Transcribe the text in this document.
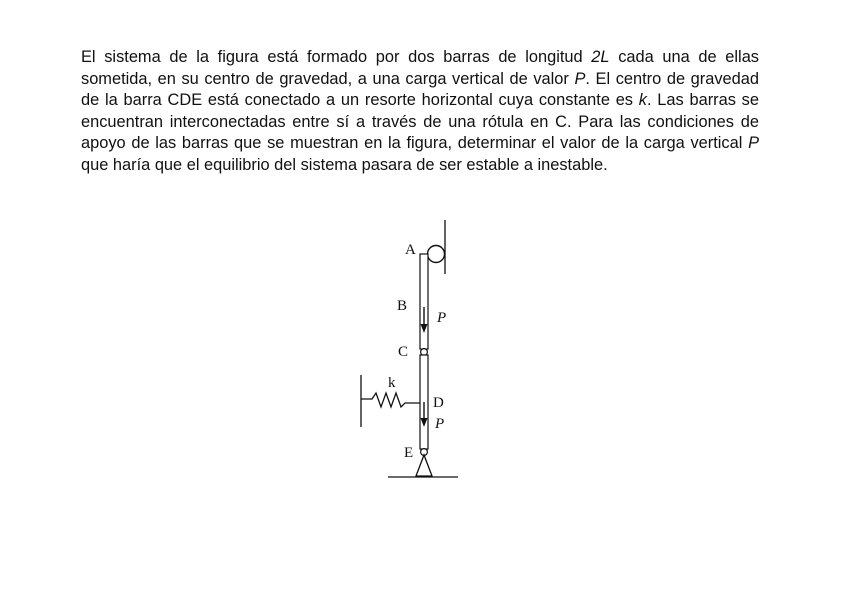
El sistema de la figura está formado por dos barras de longitud 2L cada una de ellas sometida, en su centro de gravedad, a una carga vertical de valor P. El centro de gravedad de la barra CDE está conectado a un resorte horizontal cuya constante es k. Las barras se encuentran interconectadas entre sí a través de una rótula en C. Para las condiciones de apoyo de las barras que se muestran en la figura, determinar el valor de la carga vertical P que haría que el equilibrio del sistema pasara de ser estable a inestable.

A
B
P
C
k
D
P
E
